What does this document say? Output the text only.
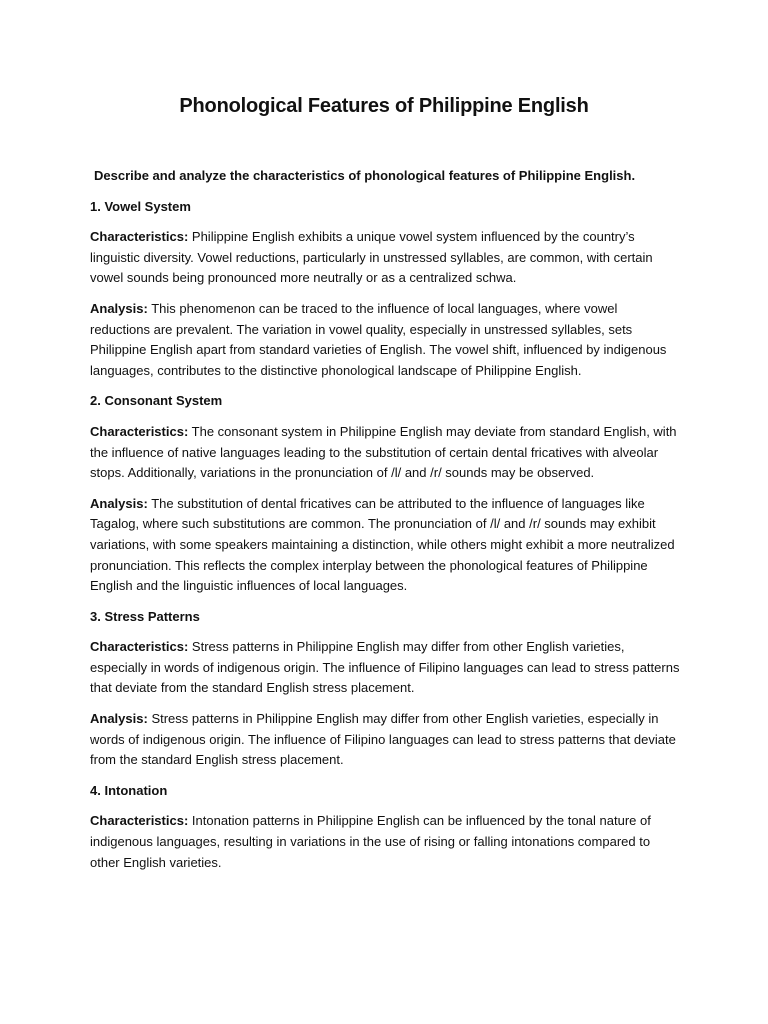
Phonological Features of Philippine English

Describe and analyze the characteristics of phonological features of Philippine English.

1. Vowel System

Characteristics: Philippine English exhibits a unique vowel system influenced by the country’s linguistic diversity. Vowel reductions, particularly in unstressed syllables, are common, with certain vowel sounds being pronounced more neutrally or as a centralized schwa.

Analysis: This phenomenon can be traced to the influence of local languages, where vowel reductions are prevalent. The variation in vowel quality, especially in unstressed syllables, sets Philippine English apart from standard varieties of English. The vowel shift, influenced by indigenous languages, contributes to the distinctive phonological landscape of Philippine English.

2. Consonant System

Characteristics: The consonant system in Philippine English may deviate from standard English, with the influence of native languages leading to the substitution of certain dental fricatives with alveolar stops. Additionally, variations in the pronunciation of /l/ and /r/ sounds may be observed.

Analysis: The substitution of dental fricatives can be attributed to the influence of languages like Tagalog, where such substitutions are common. The pronunciation of /l/ and /r/ sounds may exhibit variations, with some speakers maintaining a distinction, while others might exhibit a more neutralized pronunciation. This reflects the complex interplay between the phonological features of Philippine English and the linguistic influences of local languages.

3. Stress Patterns

Characteristics: Stress patterns in Philippine English may differ from other English varieties, especially in words of indigenous origin. The influence of Filipino languages can lead to stress patterns that deviate from the standard English stress placement.

Analysis: Stress patterns in Philippine English may differ from other English varieties, especially in words of indigenous origin. The influence of Filipino languages can lead to stress patterns that deviate from the standard English stress placement.

4. Intonation

Characteristics: Intonation patterns in Philippine English can be influenced by the tonal nature of indigenous languages, resulting in variations in the use of rising or falling intonations compared to other English varieties.
